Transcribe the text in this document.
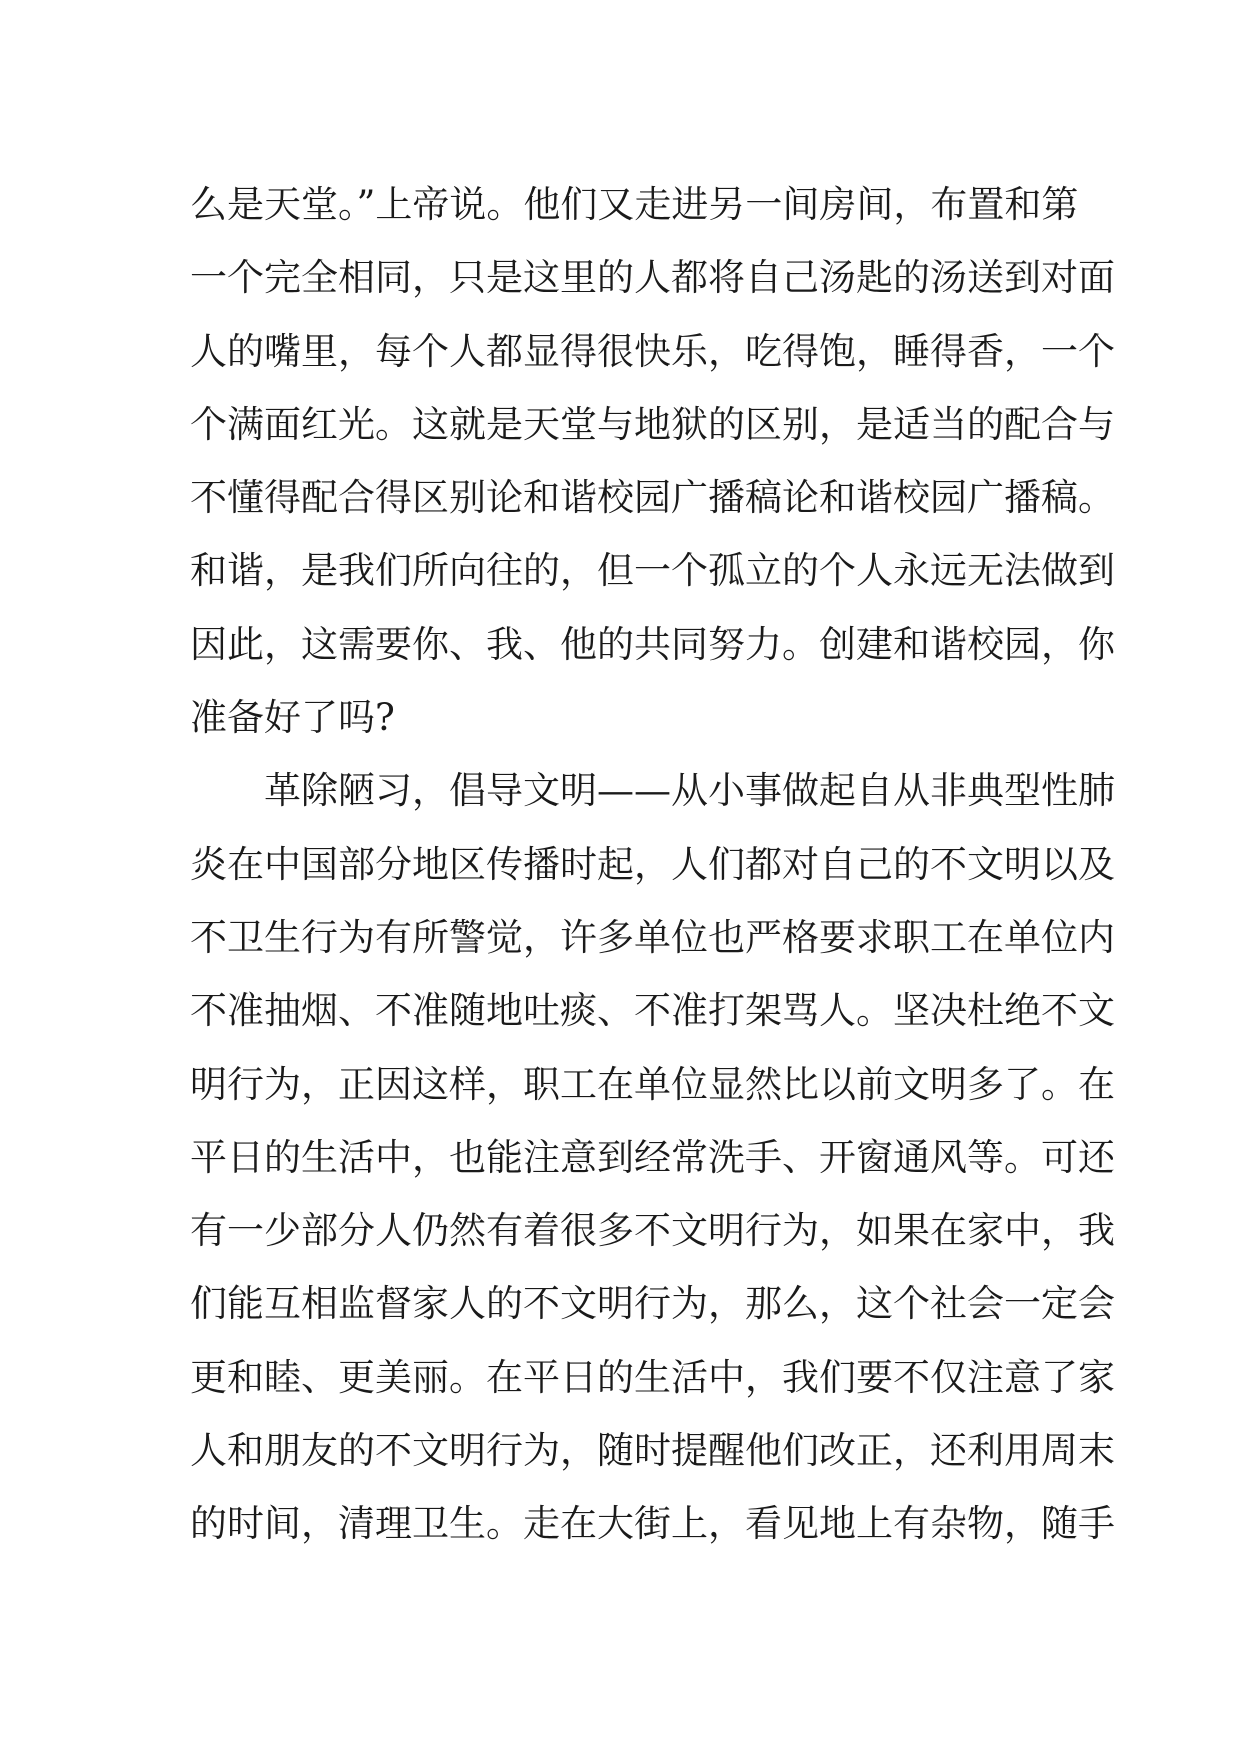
么是天堂。”上帝说。他们又走进另一间房间，布置和第
一个完全相同，只是这里的人都将自己汤匙的汤送到对面
人的嘴里，每个人都显得很快乐，吃得饱，睡得香，一个
个满面红光。这就是天堂与地狱的区别，是适当的配合与
不懂得配合得区别论和谐校园广播稿论和谐校园广播稿。
和谐，是我们所向往的，但一个孤立的个人永远无法做到
因此，这需要你、我、他的共同努力。创建和谐校园，你
准备好了吗?
革除陋习，倡导文明——从小事做起自从非典型性肺
炎在中国部分地区传播时起，人们都对自己的不文明以及
不卫生行为有所警觉，许多单位也严格要求职工在单位内
不准抽烟、不准随地吐痰、不准打架骂人。坚决杜绝不文
明行为，正因这样，职工在单位显然比以前文明多了。在
平日的生活中，也能注意到经常洗手、开窗通风等。可还
有一少部分人仍然有着很多不文明行为，如果在家中，我
们能互相监督家人的不文明行为，那么，这个社会一定会
更和睦、更美丽。在平日的生活中，我们要不仅注意了家
人和朋友的不文明行为，随时提醒他们改正，还利用周末
的时间，清理卫生。走在大街上，看见地上有杂物，随手
